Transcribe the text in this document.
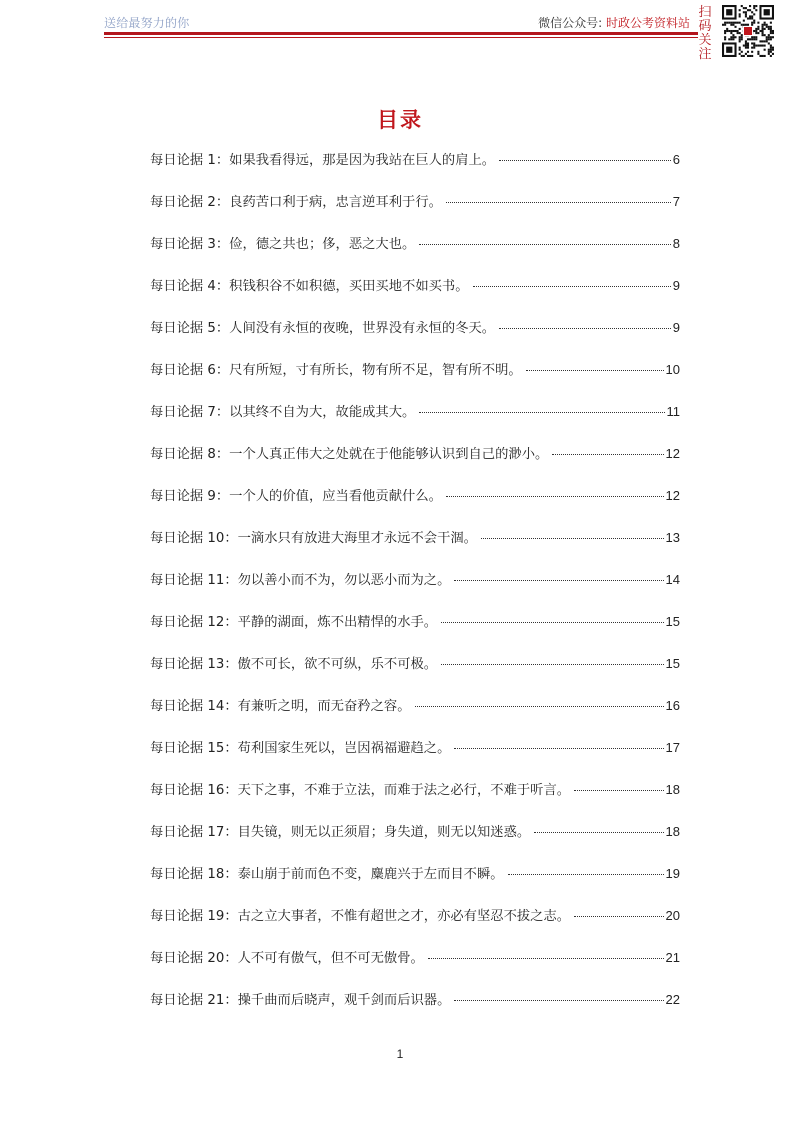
送给最努力的你	微信公众号: 时政公考资料站
扫码关注
目录
每日论据 1：如果我看得远，那是因为我站在巨人的肩上。	6
每日论据 2：良药苦口利于病，忠言逆耳利于行。	7
每日论据 3：俭，德之共也；侈，恶之大也。	8
每日论据 4：积钱积谷不如积德，买田买地不如买书。	9
每日论据 5：人间没有永恒的夜晚，世界没有永恒的冬天。	9
每日论据 6：尺有所短，寸有所长，物有所不足，智有所不明。	10
每日论据 7：以其终不自为大，故能成其大。	11
每日论据 8：一个人真正伟大之处就在于他能够认识到自己的渺小。	12
每日论据 9：一个人的价值，应当看他贡献什么。	12
每日论据 10：一滴水只有放进大海里才永远不会干涸。	13
每日论据 11：勿以善小而不为，勿以恶小而为之。	14
每日论据 12：平静的湖面，炼不出精悍的水手。	15
每日论据 13：傲不可长，欲不可纵，乐不可极。	15
每日论据 14：有兼听之明，而无奋矜之容。	16
每日论据 15：苟利国家生死以，岂因祸福避趋之。	17
每日论据 16：天下之事，不难于立法，而难于法之必行，不难于听言。	18
每日论据 17：目失镜，则无以正须眉；身失道，则无以知迷惑。	18
每日论据 18：泰山崩于前而色不变，麋鹿兴于左而目不瞬。	19
每日论据 19：古之立大事者，不惟有超世之才，亦必有坚忍不拔之志。	20
每日论据 20：人不可有傲气，但不可无傲骨。	21
每日论据 21：操千曲而后晓声，观千剑而后识器。	22
1
